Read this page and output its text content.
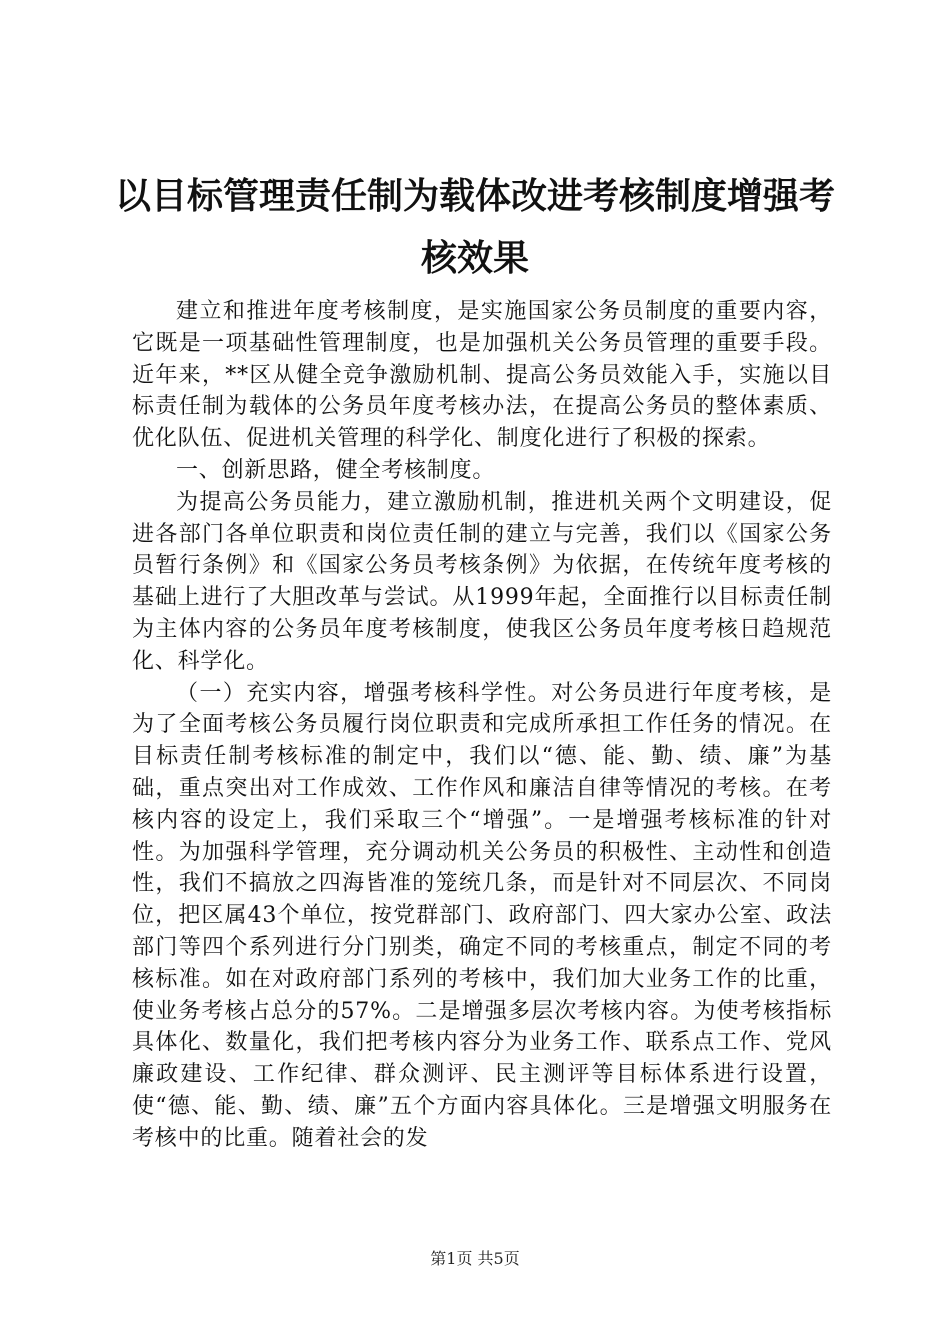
以目标管理责任制为载体改进考核制度增强考
核效果

建立和推进年度考核制度，是实施国家公务员制度的重要内容，它既是一项基础性管理制度，也是加强机关公务员管理的重要手段。近年来，**区从健全竞争激励机制、提高公务员效能入手，实施以目标责任制为载体的公务员年度考核办法，在提高公务员的整体素质、优化队伍、促进机关管理的科学化、制度化进行了积极的探索。

一、创新思路，健全考核制度。

为提高公务员能力，建立激励机制，推进机关两个文明建设，促进各部门各单位职责和岗位责任制的建立与完善，我们以《国家公务员暂行条例》和《国家公务员考核条例》为依据，在传统年度考核的基础上进行了大胆改革与尝试。从1999年起，全面推行以目标责任制为主体内容的公务员年度考核制度，使我区公务员年度考核日趋规范化、科学化。

（一）充实内容，增强考核科学性。对公务员进行年度考核，是为了全面考核公务员履行岗位职责和完成所承担工作任务的情况。在目标责任制考核标准的制定中，我们以“德、能、勤、绩、廉”为基础，重点突出对工作成效、工作作风和廉洁自律等情况的考核。在考核内容的设定上，我们采取三个“增强”。一是增强考核标准的针对性。为加强科学管理，充分调动机关公务员的积极性、主动性和创造性，我们不搞放之四海皆准的笼统几条，而是针对不同层次、不同岗位，把区属43个单位，按党群部门、政府部门、四大家办公室、政法部门等四个系列进行分门别类，确定不同的考核重点，制定不同的考核标准。如在对政府部门系列的考核中，我们加大业务工作的比重，使业务考核占总分的57%。二是增强多层次考核内容。为使考核指标具体化、数量化，我们把考核内容分为业务工作、联系点工作、党风廉政建设、工作纪律、群众测评、民主测评等目标体系进行设置，使“德、能、勤、绩、廉”五个方面内容具体化。三是增强文明服务在考核中的比重。随着社会的发

第1页 共5页
